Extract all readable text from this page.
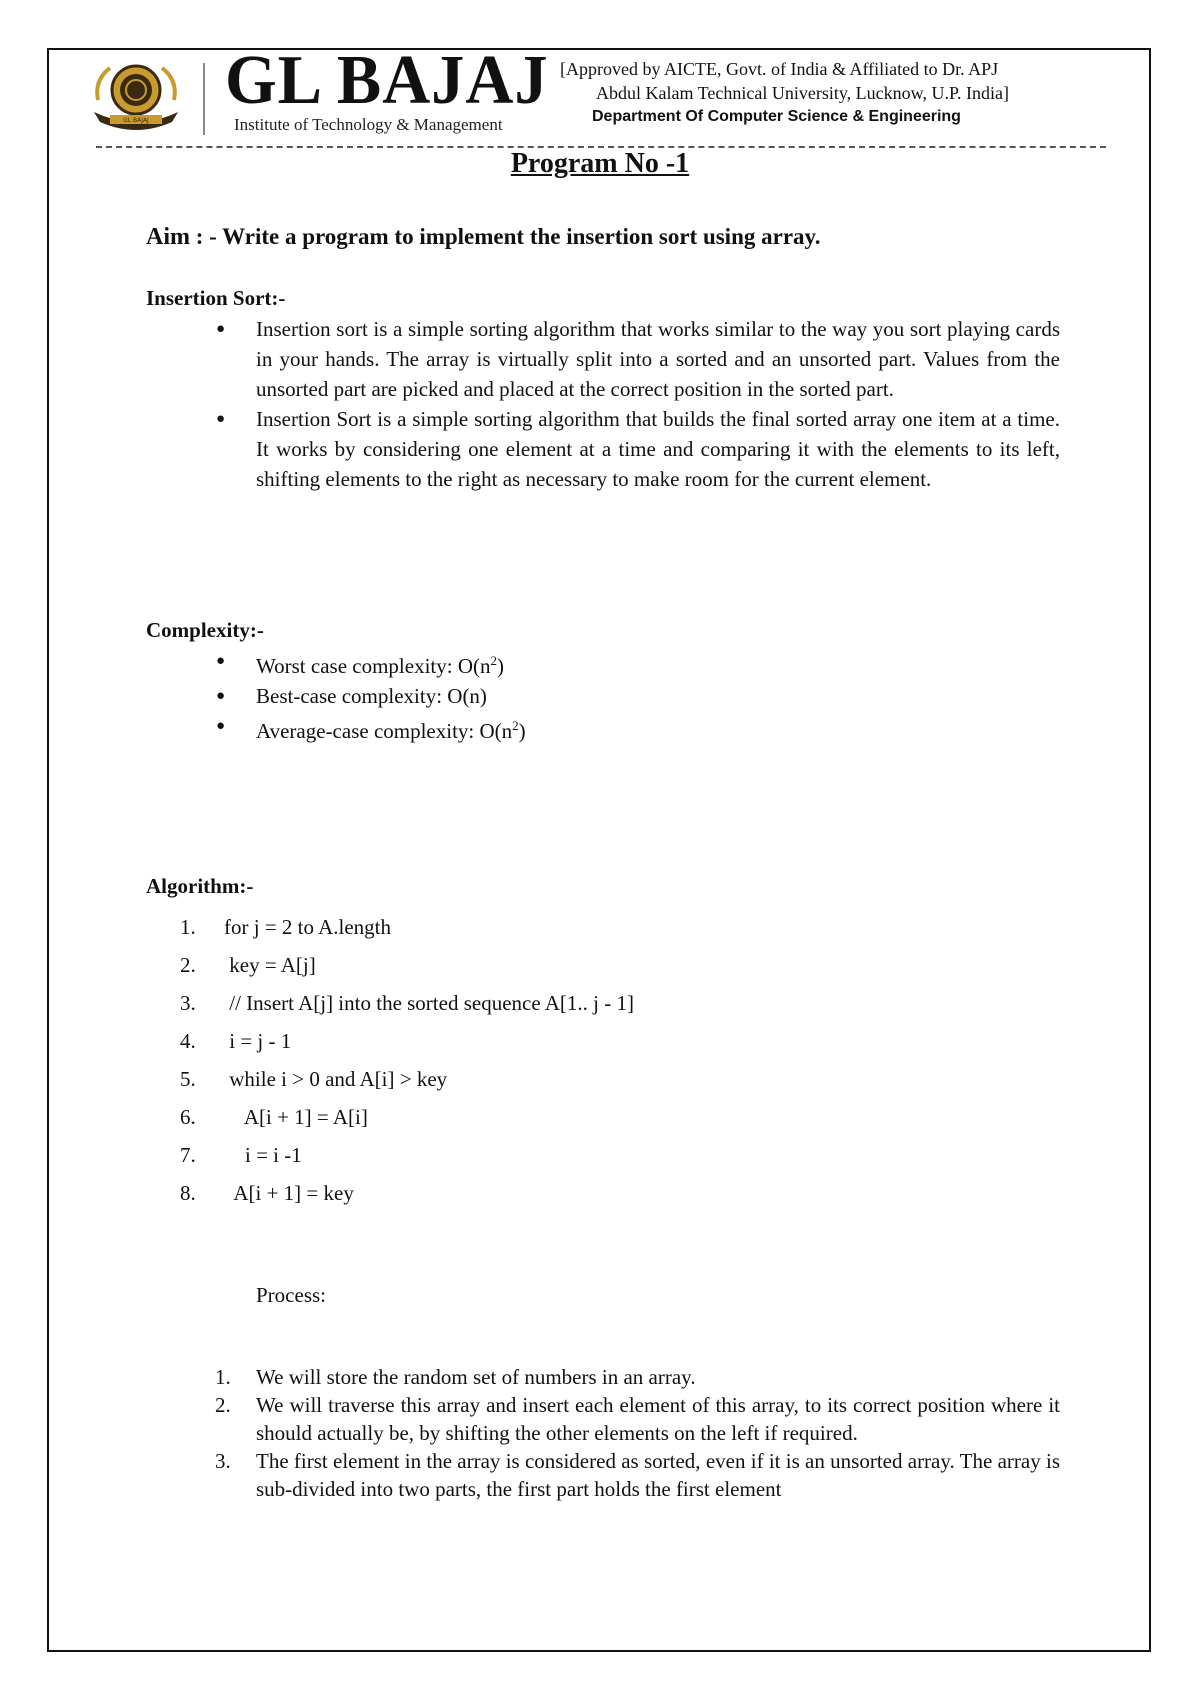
GL BAJAJ
GL BAJAJ
Institute of Technology & Management
[Approved by AICTE, Govt. of India & Affiliated to Dr. APJ
Abdul Kalam Technical University, Lucknow, U.P. India]
Department Of Computer Science & Engineering
Program No -1
Aim : - Write a program to implement the insertion sort using array.
Insertion Sort:-
● Insertion sort is a simple sorting algorithm that works similar to the way you sort playing cards in your hands. The array is virtually split into a sorted and an unsorted part. Values from the unsorted part are picked and placed at the correct position in the sorted part.
● Insertion Sort is a simple sorting algorithm that builds the final sorted array one item at a time. It works by considering one element at a time and comparing it with the elements to its left, shifting elements to the right as necessary to make room for the current element.
Complexity:-
● Worst case complexity: $O(n^2)$
● Best-case complexity: O(n)
● Average-case complexity: $O(n^2)$
Algorithm:-
1. for j = 2 to A.length
2. key = A[j]
3. // Insert A[j] into the sorted sequence A[1.. j - 1]
4. i = j - 1
5. while i > 0 and A[i] > key
6.    A[i + 1] = A[i]
7.    i = i -1
8.  A[i + 1] = key
Process:
1. We will store the random set of numbers in an array.
2. We will traverse this array and insert each element of this array, to its correct position where it should actually be, by shifting the other elements on the left if required.
3. The first element in the array is considered as sorted, even if it is an unsorted array. The array is sub-divided into two parts, the first part holds the first element
